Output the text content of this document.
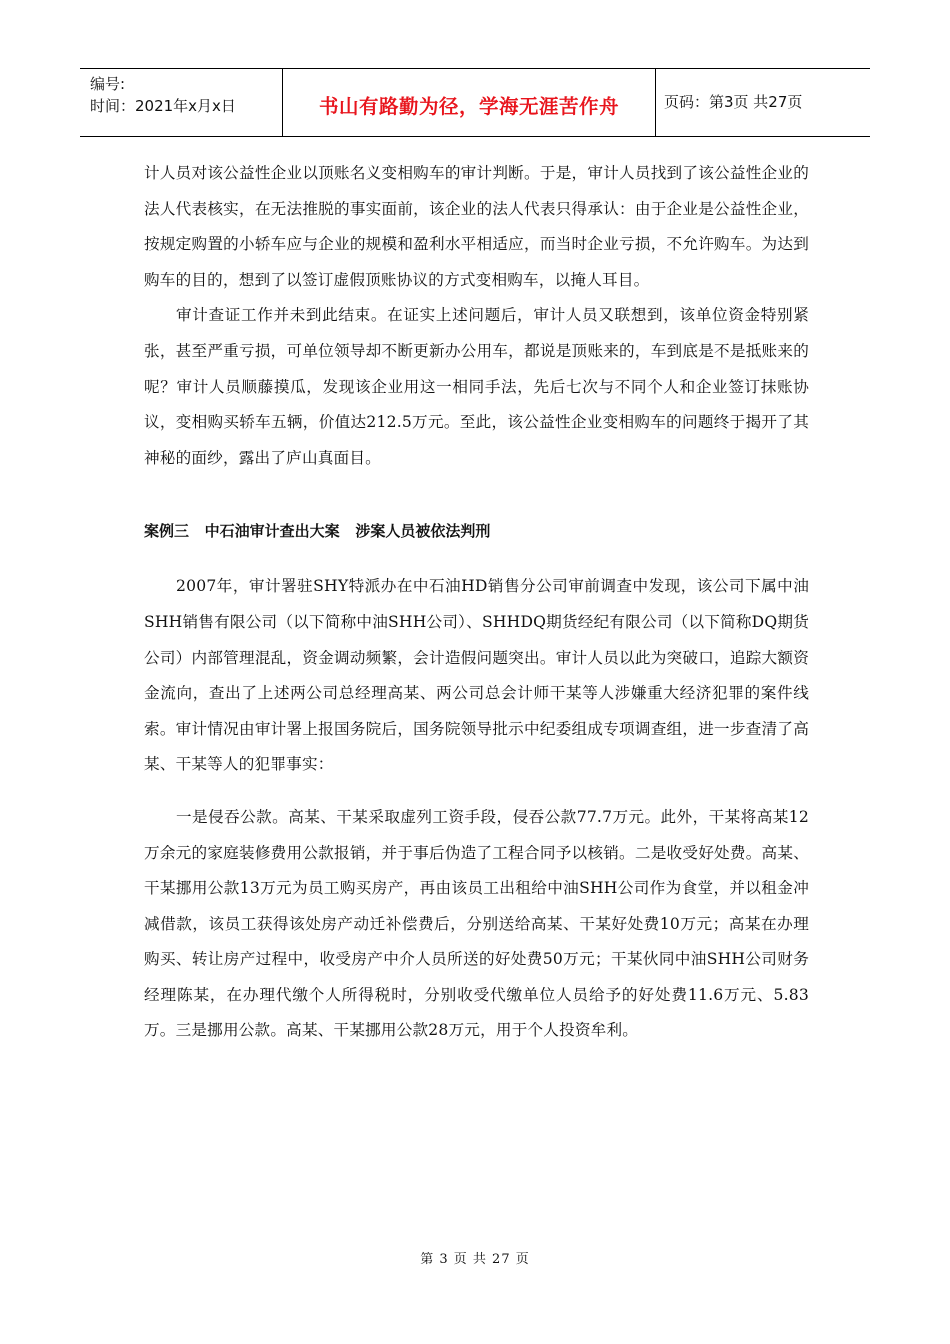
编号:
时间：2021年x月x日	书山有路勤为径，学海无涯苦作舟	页码：第3页 共27页

计人员对该公益性企业以顶账名义变相购车的审计判断。于是，审计人员找到了该公益性企业的法人代表核实，在无法推脱的事实面前，该企业的法人代表只得承认：由于企业是公益性企业，按规定购置的小轿车应与企业的规模和盈利水平相适应，而当时企业亏损，不允许购车。为达到购车的目的，想到了以签订虚假顶账协议的方式变相购车，以掩人耳目。

审计查证工作并未到此结束。在证实上述问题后，审计人员又联想到，该单位资金特别紧张，甚至严重亏损，可单位领导却不断更新办公用车，都说是顶账来的，车到底是不是抵账来的呢？审计人员顺藤摸瓜，发现该企业用这一相同手法，先后七次与不同个人和企业签订抹账协议，变相购买轿车五辆，价值达212.5万元。至此，该公益性企业变相购车的问题终于揭开了其神秘的面纱，露出了庐山真面目。

案例三   中石油审计查出大案   涉案人员被依法判刑

2007年，审计署驻SHY特派办在中石油HD销售分公司审前调查中发现，该公司下属中油SHH销售有限公司（以下简称中油SHH公司）、SHHDQ期货经纪有限公司（以下简称DQ期货公司）内部管理混乱，资金调动频繁，会计造假问题突出。审计人员以此为突破口，追踪大额资金流向，查出了上述两公司总经理高某、两公司总会计师干某等人涉嫌重大经济犯罪的案件线索。审计情况由审计署上报国务院后，国务院领导批示中纪委组成专项调查组，进一步查清了高某、干某等人的犯罪事实：

一是侵吞公款。高某、干某采取虚列工资手段，侵吞公款77.7万元。此外，干某将高某12万余元的家庭装修费用公款报销，并于事后伪造了工程合同予以核销。二是收受好处费。高某、干某挪用公款13万元为员工购买房产，再由该员工出租给中油SHH公司作为食堂，并以租金冲减借款，该员工获得该处房产动迁补偿费后，分别送给高某、干某好处费10万元；高某在办理购买、转让房产过程中，收受房产中介人员所送的好处费50万元；干某伙同中油SHH公司财务经理陈某，在办理代缴个人所得税时，分别收受代缴单位人员给予的好处费11.6万元、5.83万。三是挪用公款。高某、干某挪用公款28万元，用于个人投资牟利。

第 3 页 共 27 页
